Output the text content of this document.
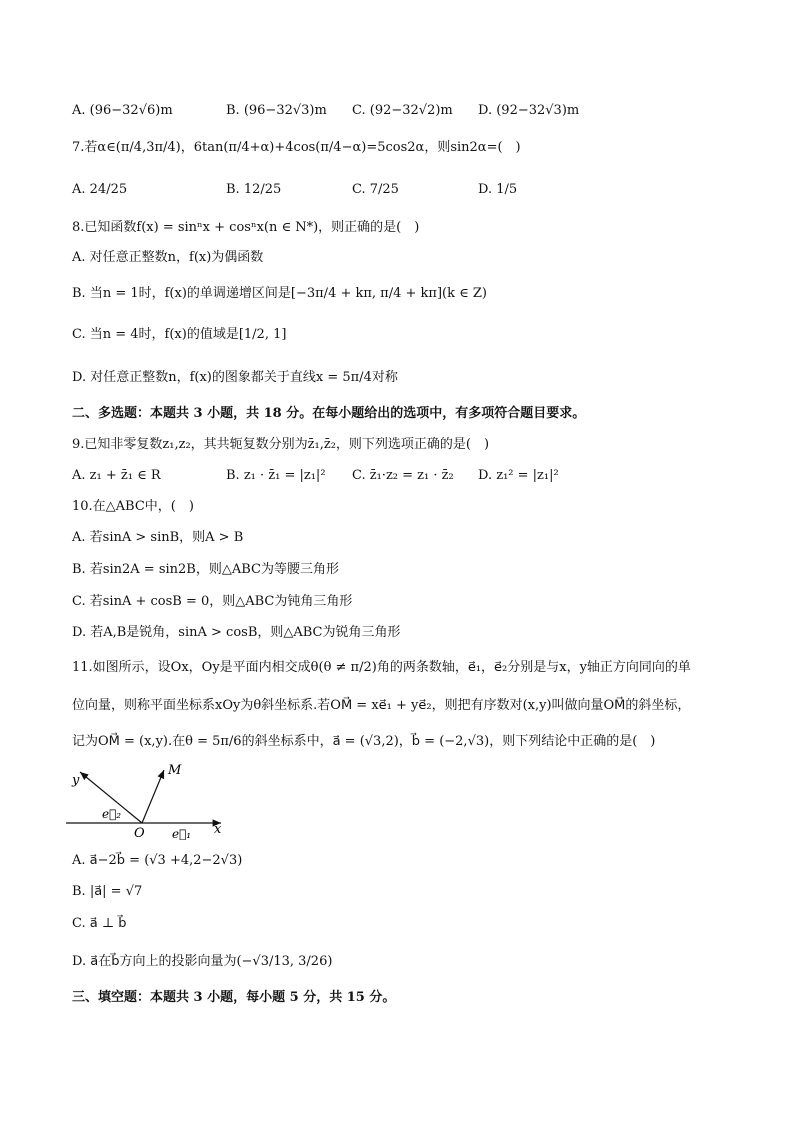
A. (96−32√6)m	B. (96−32√3)m C. (92−32√2)m D. (92−32√3)m
7.若α∈(π/4,3π/4)，6tan(π/4+α)+4cos(π/4−α)=5cos2α，则sin2α=(　)
A. 24/25	B. 12/25	C. 7/25	D. 1/5
8.已知函数f(x) = sinⁿx + cosⁿx(n ∈ N*)，则正确的是(　)
A. 对任意正整数n，f(x)为偶函数
B. 当n = 1时，f(x)的单调递增区间是[−3π/4 + kπ, π/4 + kπ](k ∈ Z)
C. 当n = 4时，f(x)的值域是[1/2, 1]
D. 对任意正整数n，f(x)的图象都关于直线x = 5π/4对称
二、多选题：本题共 3 小题，共 18 分。在每小题给出的选项中，有多项符合题目要求。
9.已知非零复数z₁,z₂，其共轭复数分别为z̄₁,z̄₂，则下列选项正确的是(　)
A. z₁ + z̄₁ ∈ R	B. z₁ · z̄₁ = |z₁|² C. z̄₁·z₂ = z₁ · z̄₂ D. z₁² = |z₁|²
10.在△ABC中，(　)
A. 若sinA > sinB，则A > B
B. 若sin2A = sin2B，则△ABC为等腰三角形
C. 若sinA + cosB = 0，则△ABC为钝角三角形
D. 若A,B是锐角，sinA > cosB，则△ABC为锐角三角形
11.如图所示，设Ox，Oy是平面内相交成θ(θ ≠ π/2)角的两条数轴，e⃗₁，e⃗₂分别是与x，y轴正方向同向的单
位向量，则称平面坐标系xOy为θ斜坐标系.若OM⃗ = xe⃗₁ + ye⃗₂，则把有序数对(x,y)叫做向量OM⃗的斜坐标，
记为OM⃗ = (x,y).在θ = 5π/6的斜坐标系中，a⃗ = (√3,2)，b⃗ = (−2,√3)，则下列结论中正确的是(　)
y
M
e⃗₂
O e⃗₁ x
A. a⃗−2b⃗ = (√3 +4,2−2√3)
B. |a⃗| = √7
C. a⃗ ⊥ b⃗
D. a⃗在b⃗方向上的投影向量为(−√3/13, 3/26)
三、填空题：本题共 3 小题，每小题 5 分，共 15 分。
